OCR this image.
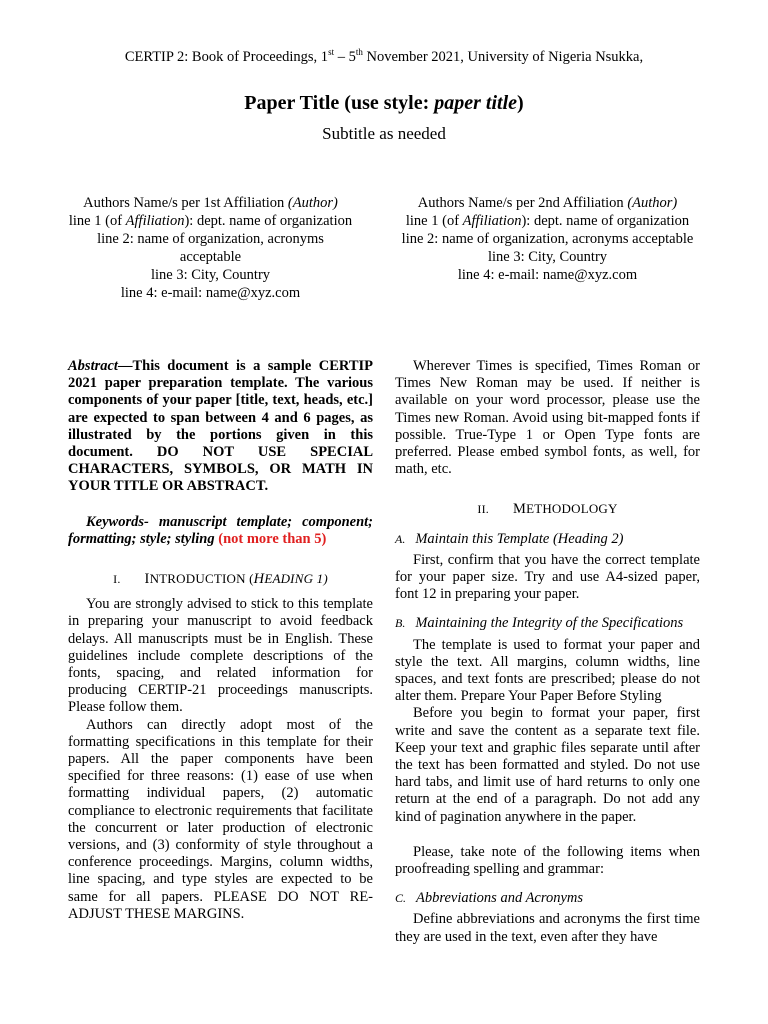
CERTIP 2: Book of Proceedings, 1st – 5th November 2021, University of Nigeria Nsukka,
Paper Title (use style: paper title)
Subtitle as needed
Authors Name/s per 1st Affiliation (Author)
line 1 (of Affiliation): dept. name of organization
line 2: name of organization, acronyms acceptable
line 3: City, Country
line 4: e-mail: name@xyz.com
Authors Name/s per 2nd Affiliation (Author)
line 1 (of Affiliation): dept. name of organization
line 2: name of organization, acronyms acceptable
line 3: City, Country
line 4: e-mail: name@xyz.com

Abstract—This document is a sample CERTIP 2021 paper preparation template. The various components of your paper [title, text, heads, etc.] are expected to span between 4 and 6 pages, as illustrated by the portions given in this document. DO NOT USE SPECIAL CHARACTERS, SYMBOLS, OR MATH IN YOUR TITLE OR ABSTRACT.

Keywords- manuscript template; component; formatting; style; styling (not more than 5)

I. INTRODUCTION (HEADING 1)

You are strongly advised to stick to this template in preparing your manuscript to avoid feedback delays. All manuscripts must be in English. These guidelines include complete descriptions of the fonts, spacing, and related information for producing CERTIP-21 proceedings manuscripts. Please follow them.

Authors can directly adopt most of the formatting specifications in this template for their papers. All the paper components have been specified for three reasons: (1) ease of use when formatting individual papers, (2) automatic compliance to electronic requirements that facilitate the concurrent or later production of electronic versions, and (3) conformity of style throughout a conference proceedings. Margins, column widths, line spacing, and type styles are expected to be same for all papers. PLEASE DO NOT RE-ADJUST THESE MARGINS.

Wherever Times is specified, Times Roman or Times New Roman may be used. If neither is available on your word processor, please use the Times new Roman. Avoid using bit-mapped fonts if possible. True-Type 1 or Open Type fonts are preferred. Please embed symbol fonts, as well, for math, etc.

II. METHODOLOGY
A. Maintain this Template (Heading 2)

First, confirm that you have the correct template for your paper size. Try and use A4-sized paper, font 12 in preparing your paper.

B. Maintaining the Integrity of the Specifications

The template is used to format your paper and style the text. All margins, column widths, line spaces, and text fonts are prescribed; please do not alter them. Prepare Your Paper Before Styling

Before you begin to format your paper, first write and save the content as a separate text file. Keep your text and graphic files separate until after the text has been formatted and styled. Do not use hard tabs, and limit use of hard returns to only one return at the end of a paragraph. Do not add any kind of pagination anywhere in the paper.

Please, take note of the following items when proofreading spelling and grammar:

C. Abbreviations and Acronyms

Define abbreviations and acronyms the first time they are used in the text, even after they have
